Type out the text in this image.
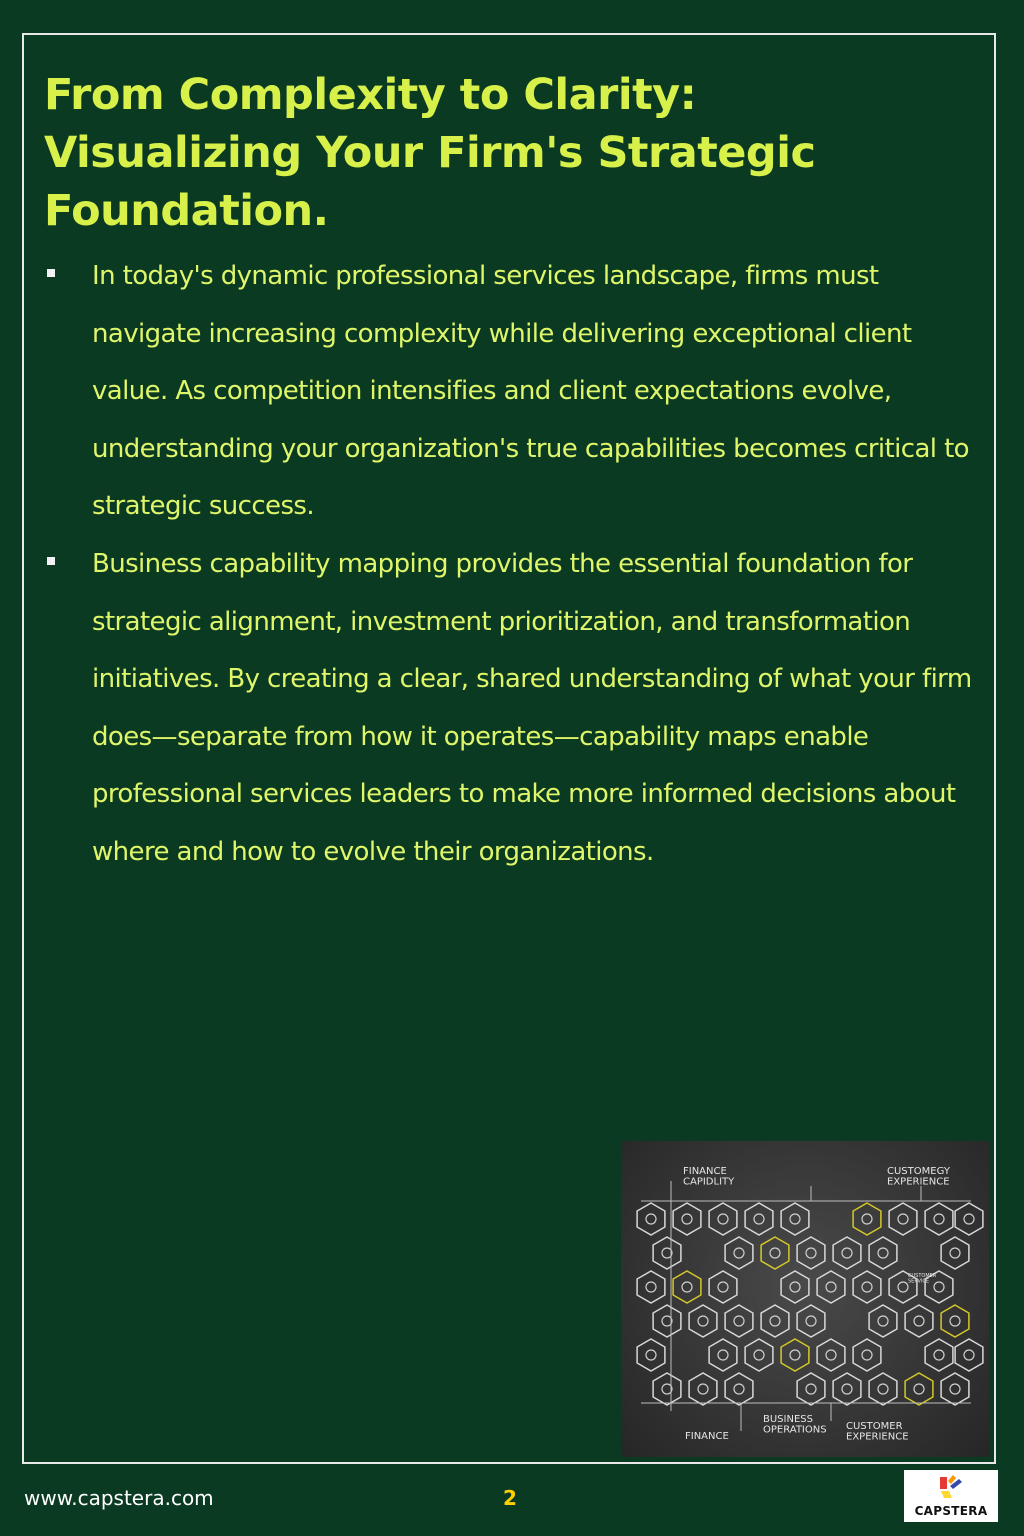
From Complexity to Clarity: Visualizing Your Firm's Strategic Foundation.
In today's dynamic professional services landscape, firms must navigate increasing complexity while delivering exceptional client value. As competition intensifies and client expectations evolve, understanding your organization's true capabilities becomes critical to strategic success.
Business capability mapping provides the essential foundation for strategic alignment, investment prioritization, and transformation initiatives. By creating a clear, shared understanding of what your firm does—separate from how it operates—capability maps enable professional services leaders to make more informed decisions about where and how to evolve their organizations.
FINANCE CAPIDLITY
CUSTOMEGY EXPERIENCE
CUSTOMER SERVICE
FINANCE
BUSINESS OPERATIONS CUSTOMER EXPERIENCE
www.capstera.com	2
CAPSTERA
